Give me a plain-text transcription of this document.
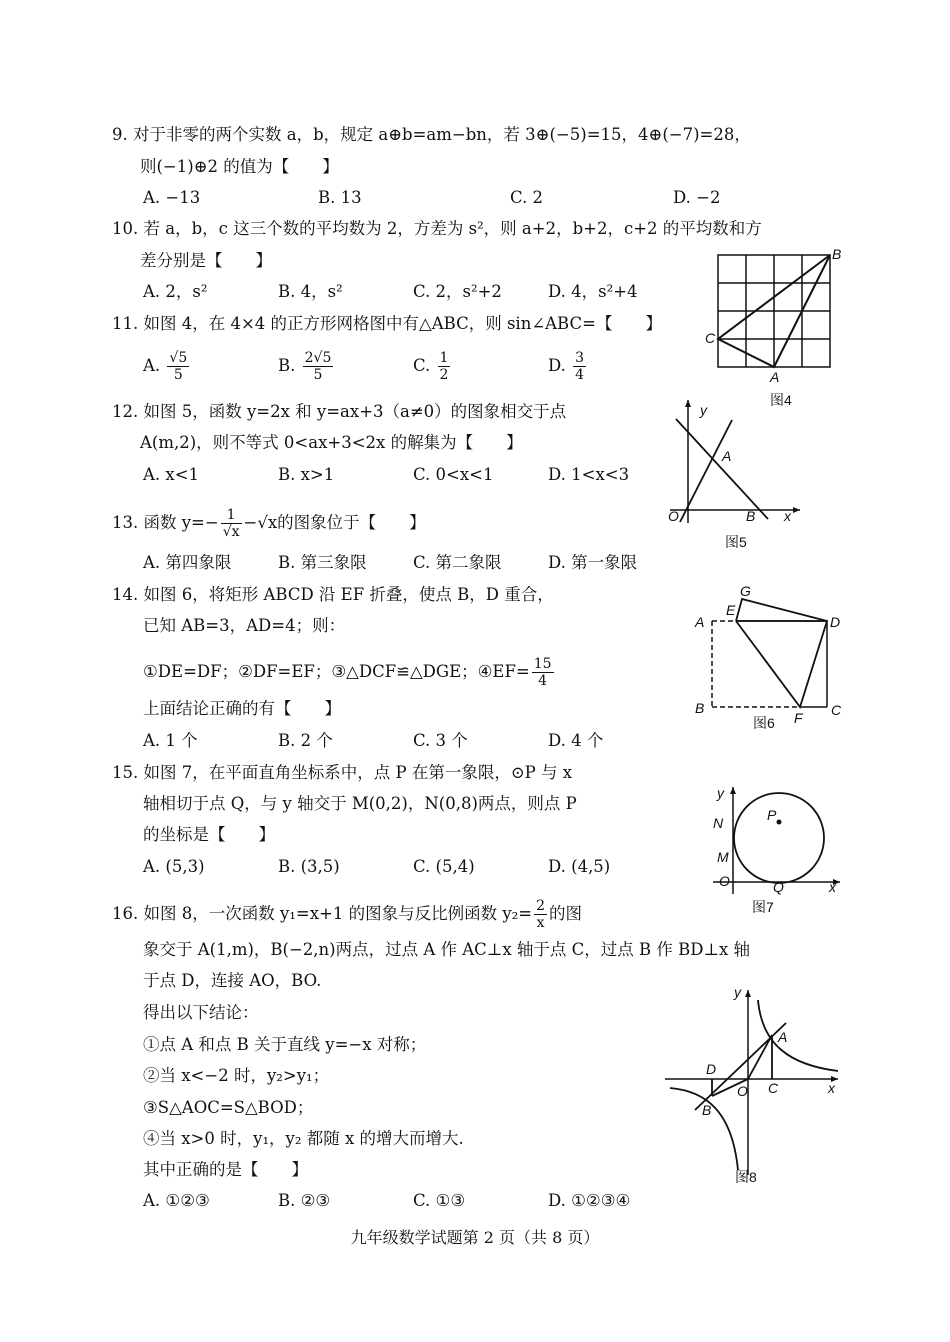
9. 对于非零的两个实数 a，b，规定 a⊕b=am−bn，若 3⊕(−5)=15，4⊕(−7)=28，
则(−1)⊕2 的值为【　　】
A. −13	B. 13	C. 2	D. −2
10. 若 a，b，c 这三个数的平均数为 2，方差为 s²，则 a+2，b+2，c+2 的平均数和方
差分别是【　　】
A. 2，s²	B. 4，s²	C. 2，s²+2	D. 4，s²+4
11. 如图 4，在 4×4 的正方形网格图中有△ABC，则 sin∠ABC=【　　】
A. $\frac{√5}{5}$	B. $\frac{2√5}{5}$	C. $\frac{1}{2}$	D. $\frac{3}{4}$
12. 如图 5，函数 y=2x 和 y=ax+3（a≠0）的图象相交于点
A(m,2)，则不等式 0<ax+3<2x 的解集为【　　】
A. x<1	B. x>1	C. 0<x<1	D. 1<x<3
13. 函数 $y=- \frac{1}{√x} -√x$的图象位于【　　】
A. 第四象限	B. 第三象限	C. 第二象限	D. 第一象限
14. 如图 6，将矩形 ABCD 沿 EF 折叠，使点 B，D 重合，
已知 AB=3，AD=4；则：
①DE=DF；②DF=EF；③△DCF≌△DGE；④EF= $\frac{15}{4}$
上面结论正确的有【　　】
A. 1 个	B. 2 个	C. 3 个	D. 4 个
15. 如图 7，在平面直角坐标系中，点 P 在第一象限，⊙P 与 x
轴相切于点 Q，与 y 轴交于 M(0,2)，N(0,8)两点，则点 P
的坐标是【　　】
A. (5,3)	B. (3,5)	C. (5,4)	D. (4,5)
16. 如图 8，一次函数 y₁=x+1 的图象与反比例函数 $y_2= \frac{2}{x}$ 的图
象交于 A(1,m)，B(−2,n)两点，过点 A 作 AC⊥x 轴于点 C，过点 B 作 BD⊥x 轴
于点 D，连接 AO，BO.
得出以下结论：
①点 A 和点 B 关于直线 y=−x 对称；
②当 x<−2 时，y₂>y₁；
③S△AOC=S△BOD；
④当 x>0 时，y₁，y₂ 都随 x 的增大而增大.
其中正确的是【　　】
A. ①②③	B. ②③	C. ①③	D. ①②③④
B
C
A
图4
y
A
O	B x
图5
G
E
A	D
B
F C
图6
y
N	P
M
O	Q	x
图7
y
A
D
O C	x
B
图8
九年级数学试题第 2 页（共 8 页）
